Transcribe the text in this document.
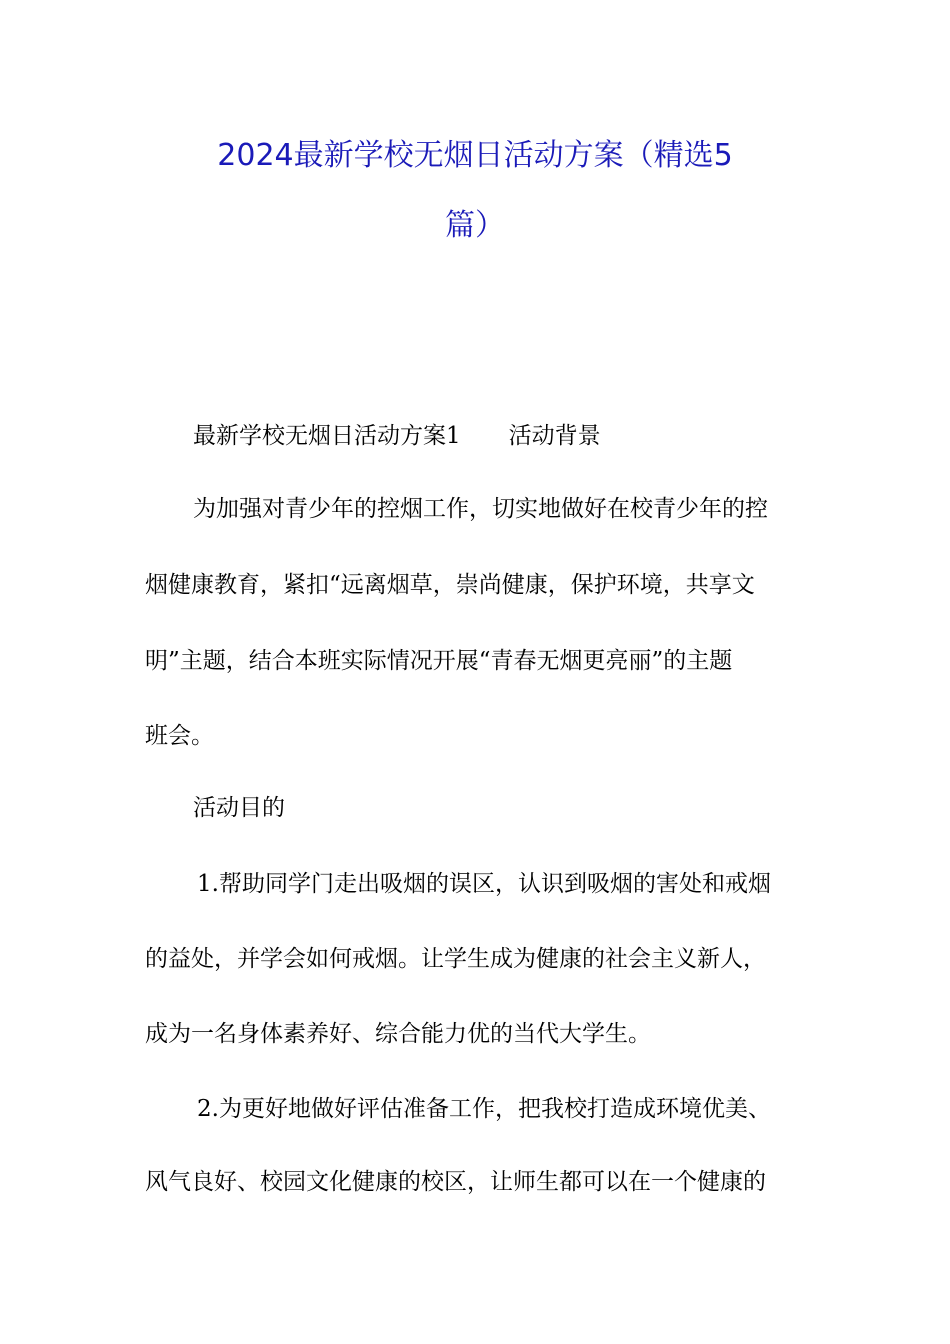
2024最新学校无烟日活动方案（精选5
篇）

最新学校无烟日活动方案1 活动背景

为加强对青少年的控烟工作，切实地做好在校青少年的控

烟健康教育，紧扣“远离烟草，崇尚健康，保护环境，共享文

明”主题，结合本班实际情况开展“青春无烟更亮丽”的主题

班会。

活动目的

1.帮助同学门走出吸烟的误区，认识到吸烟的害处和戒烟

的益处，并学会如何戒烟。让学生成为健康的社会主义新人，

成为一名身体素养好、综合能力优的当代大学生。

2.为更好地做好评估准备工作，把我校打造成环境优美、

风气良好、校园文化健康的校区，让师生都可以在一个健康的
